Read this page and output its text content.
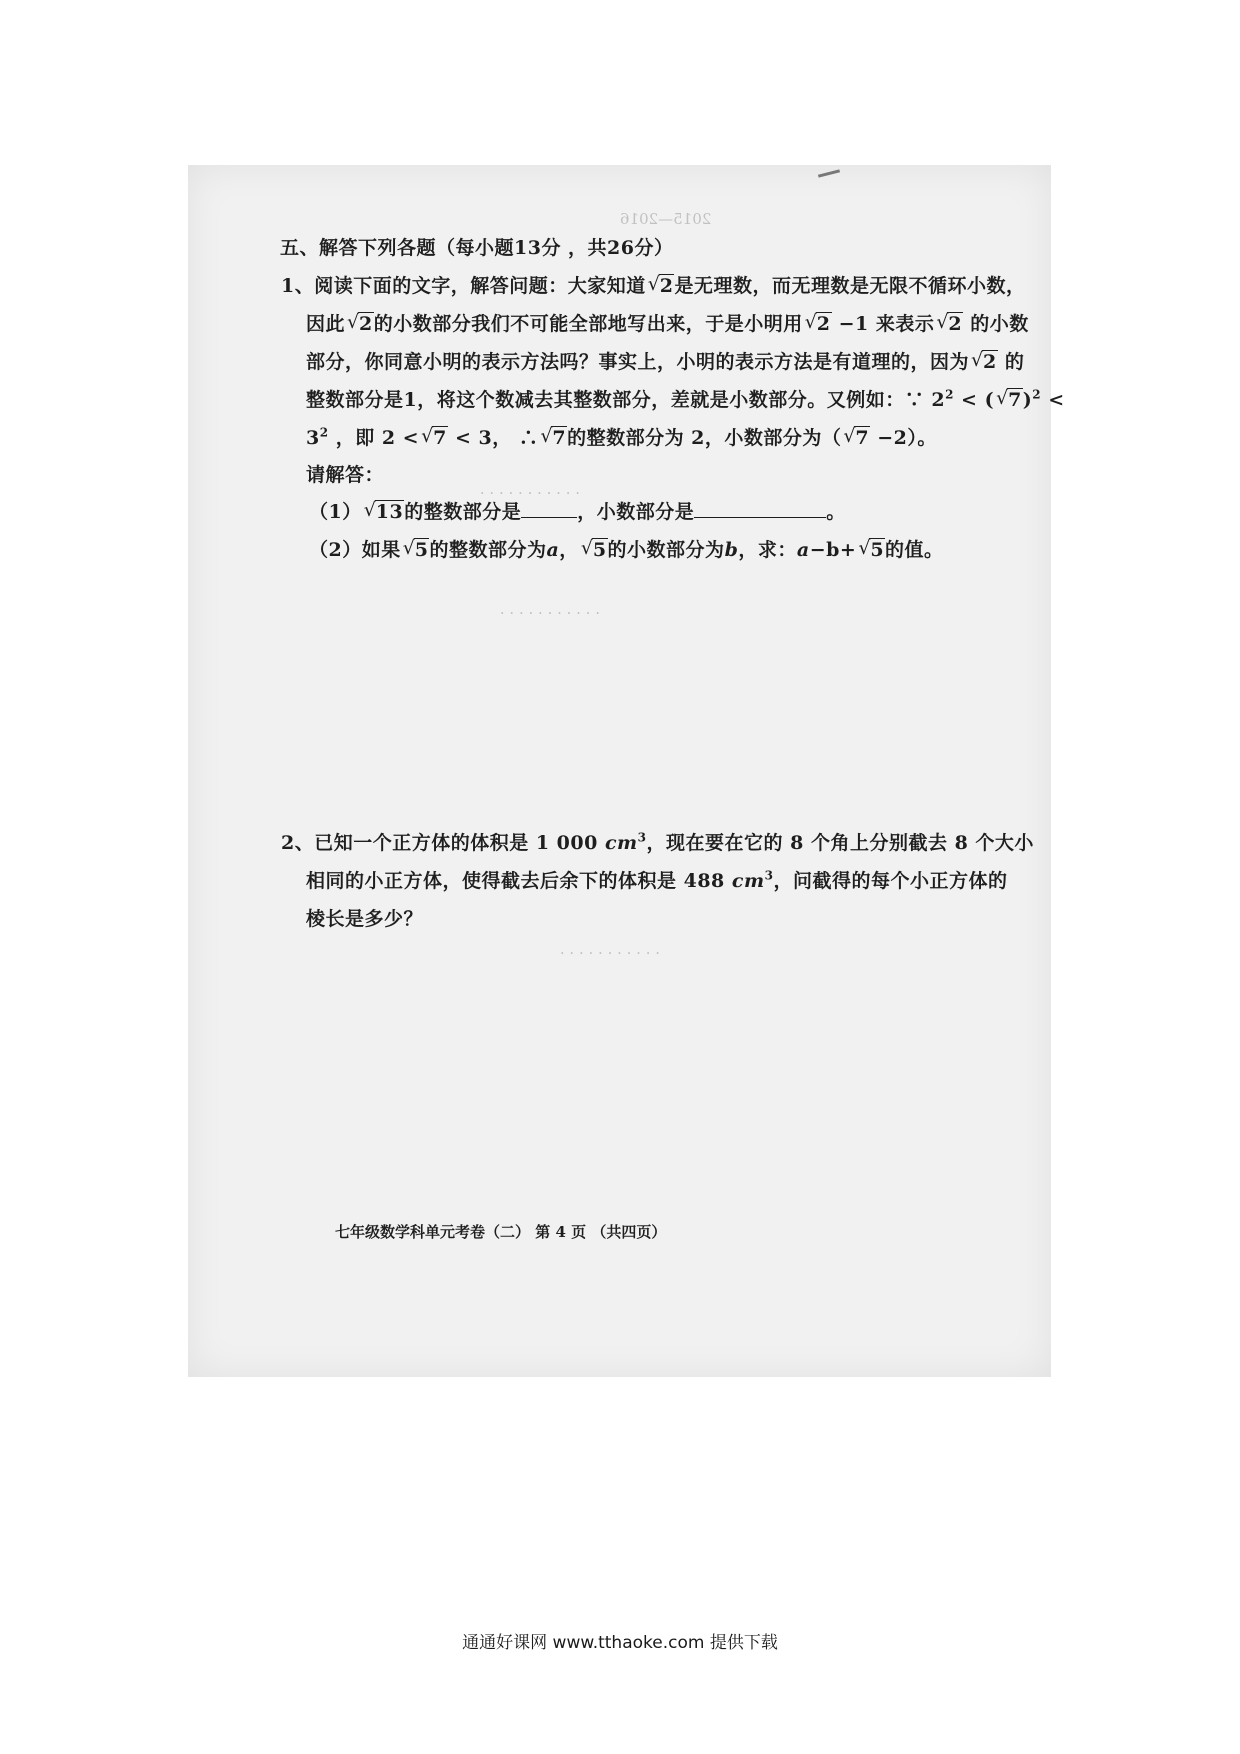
2015—2016
. . . . . . . . . . .
. . . . . . . . . . .
. . . . . . . . . . .
五、解答下列各题（每小题13分 ，共26分）
1、阅读下面的文字，解答问题：大家知道 √ 2是无理数，而无理数是无限不循环小数，
因此 √ 2的小数部分我们不可能全部地写出来，于是小明用 √ 2 −1 来表示 √ 2 的小数
部分，你同意小明的表示方法吗？事实上，小明的表示方法是有道理的，因为 √ 2 的
整数部分是1，将这个数减去其整数部分，差就是小数部分。又例如：∵ $2^2$ < ( √ 7)$^2$ <
$3^2$ ，即 2 < √ 7 < 3， ∴ √ 7的整数部分为 2，小数部分为（ √ 7 −2）。
请解答：
（1） √ 13的整数部分是	，小数部分是	。
（2）如果 √ 5的整数部分为a， √ 5的小数部分为b，求：a−b+ √ 5的值。
2、已知一个正方体的体积是 1 000 $cm^3$，现在要在它的 8 个角上分别截去 8 个大小
相同的小正方体，使得截去后余下的体积是 488 $cm^3$，问截得的每个小正方体的
棱长是多少？
七年级数学科单元考卷（二） 第 4 页 （共四页）
通通好课网 www.tthaoke.com 提供下载
